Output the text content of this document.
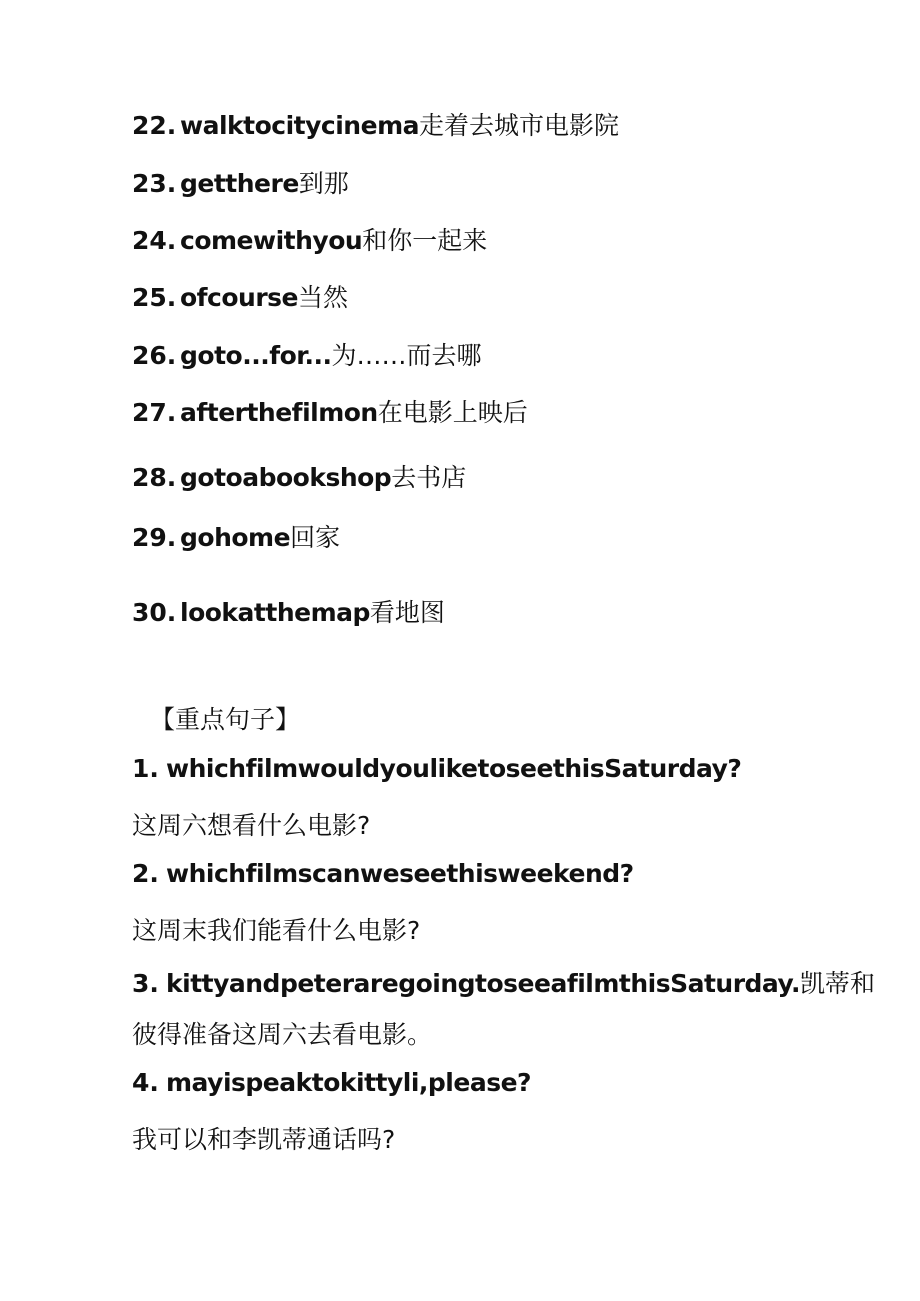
22. walktocitycinema走着去城市电影院
23. getthere到那
24. comewithyou和你一起来
25. ofcourse当然
26. goto...for...为……而去哪
27. afterthefilmon在电影上映后
28. gotoabookshop去书店
29. gohome回家
30. lookatthemap看地图
【重点句子】
1. whichfilmwouldyouliketoseethisSaturday?
这周六想看什么电影?
2. whichfilmscanweseethisweekend?
这周末我们能看什么电影?
3. kittyandpeteraregoingtoseeafilmthisSaturday.凯蒂和
彼得准备这周六去看电影。
4. mayispeaktokittyli,please?
我可以和李凯蒂通话吗?
